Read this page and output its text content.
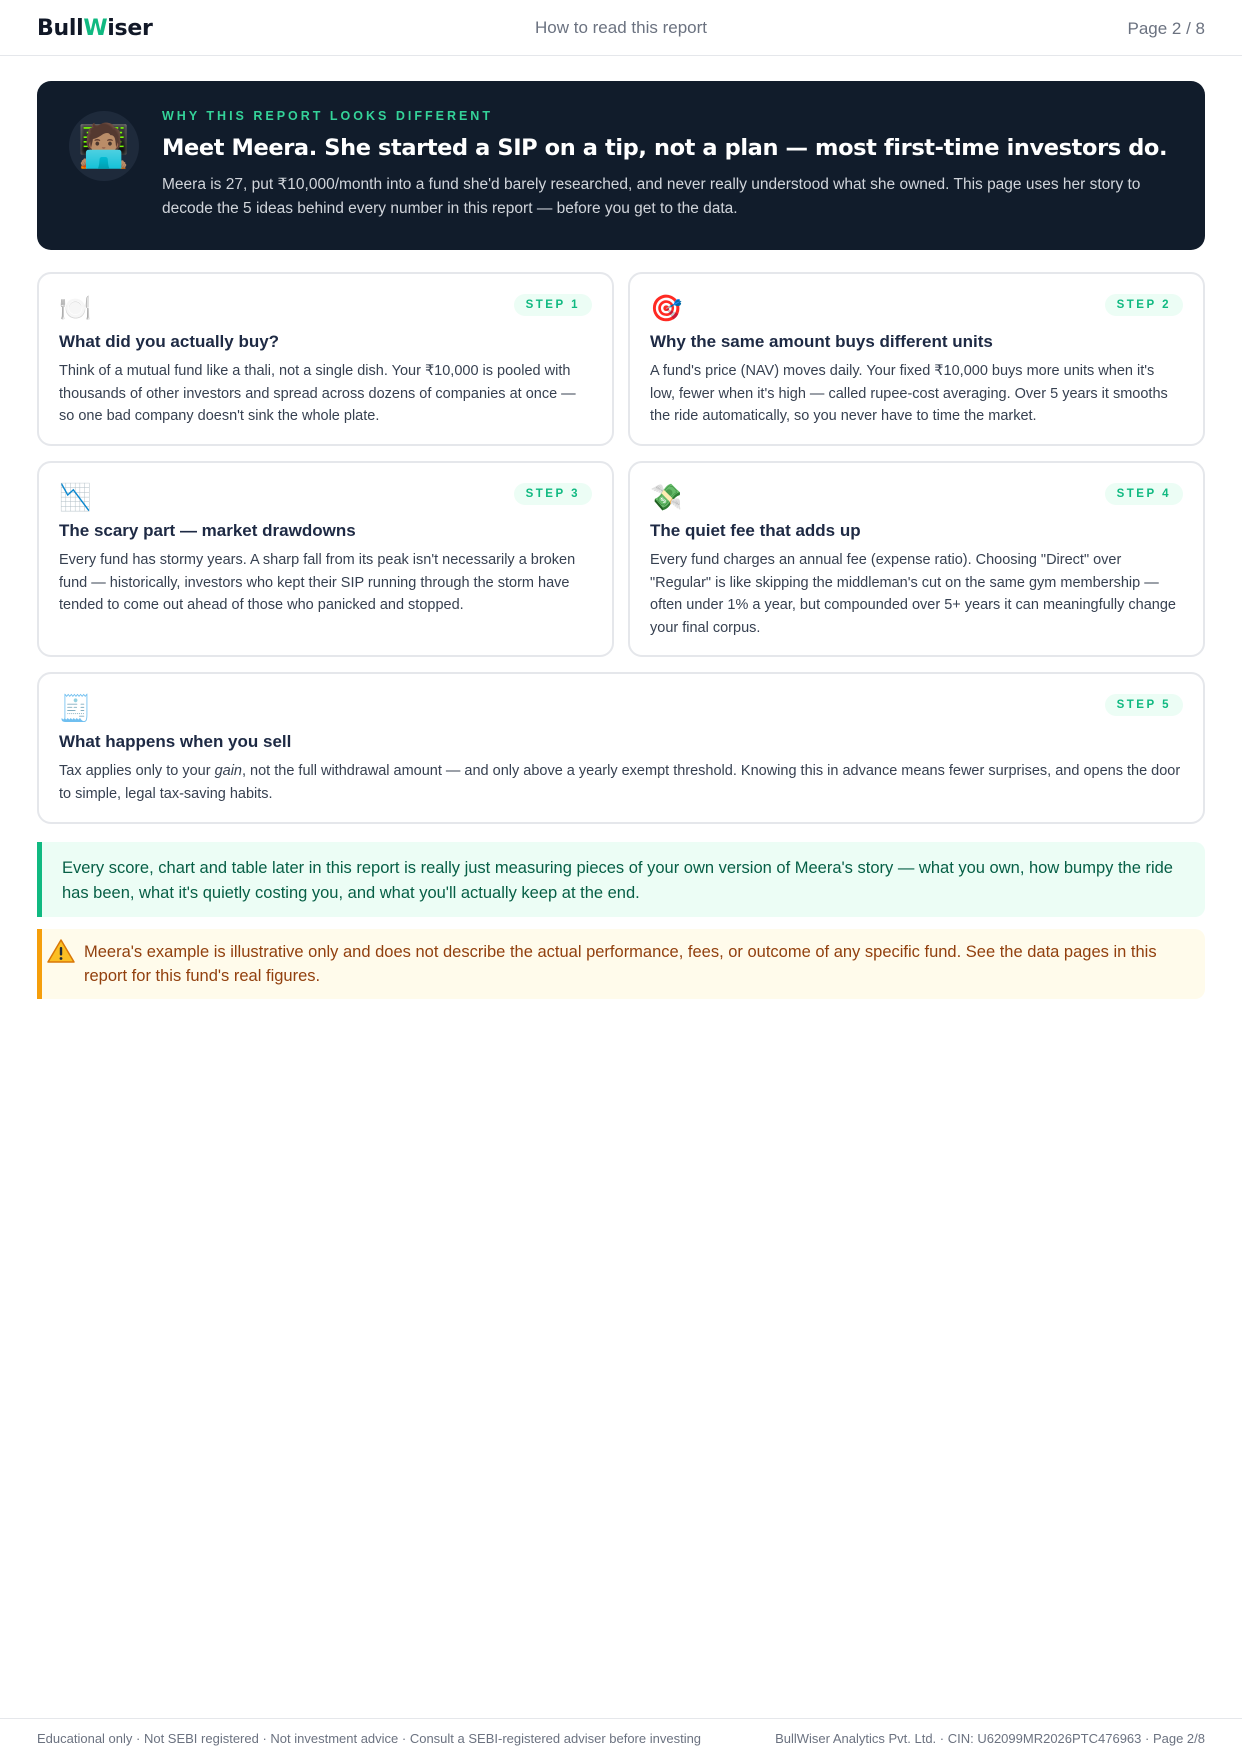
BullWiser	How to read this report	Page 2 / 8
🧑🏽‍💻
WHY THIS REPORT LOOKS DIFFERENT
Meet Meera. She started a SIP on a tip, not a plan — most first-time investors do.
Meera is 27, put ₹10,000/month into a fund she'd barely researched, and never really understood what she owned. This page uses her story to decode the 5 ideas behind every number in this report — before you get to the data.
🍽️	STEP 1
What did you actually buy?
Think of a mutual fund like a thali, not a single dish. Your ₹10,000 is pooled with thousands of other investors and spread across dozens of companies at once — so one bad company doesn't sink the whole plate.
🎯	STEP 2
Why the same amount buys different units
A fund's price (NAV) moves daily. Your fixed ₹10,000 buys more units when it's low, fewer when it's high — called rupee-cost averaging. Over 5 years it smooths the ride automatically, so you never have to time the market.
📉	STEP 3
The scary part — market drawdowns
Every fund has stormy years. A sharp fall from its peak isn't necessarily a broken fund — historically, investors who kept their SIP running through the storm have tended to come out ahead of those who panicked and stopped.
💸	STEP 4
The quiet fee that adds up
Every fund charges an annual fee (expense ratio). Choosing "Direct" over "Regular" is like skipping the middleman's cut on the same gym membership — often under 1% a year, but compounded over 5+ years it can meaningfully change your final corpus.
🧾	STEP 5
What happens when you sell
Tax applies only to your gain, not the full withdrawal amount — and only above a yearly exempt threshold. Knowing this in advance means fewer surprises, and opens the door to simple, legal tax-saving habits.
Every score, chart and table later in this report is really just measuring pieces of your own version of Meera's story — what you own, how bumpy the ride has been, what it's quietly costing you, and what you'll actually keep at the end.
Meera's example is illustrative only and does not describe the actual performance, fees, or outcome of any specific fund. See the data pages in this report for this fund's real figures.
Educational only · Not SEBI registered · Not investment advice · Consult a SEBI-registered adviser before investing	BullWiser Analytics Pvt. Ltd. · CIN: U62099MR2026PTC476963 · Page 2/8
